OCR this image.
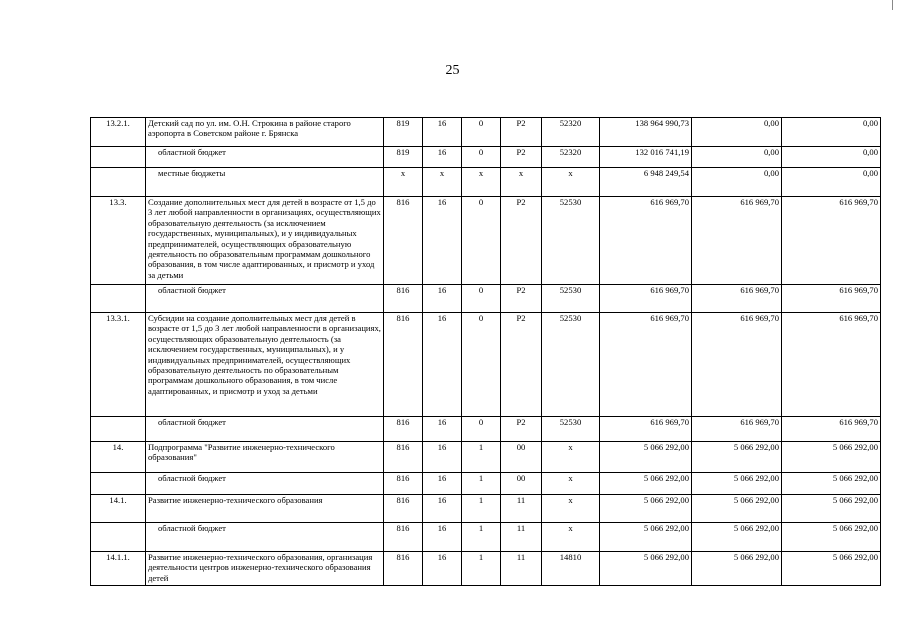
25
13.2.1.	Детский сад по ул. им. О.Н. Строкина в районе старого аэропорта в Советском районе г. Брянска	819	16	0	P2	52320	138 964 990,73	0,00	0,00
	областной бюджет	819	16	0	P2	52320	132 016 741,19	0,00	0,00
	местные бюджеты	x	x	x	x	x	6 948 249,54	0,00	0,00
13.3.	Создание дополнительных мест для детей в возрасте от 1,5 до 3 лет любой направленности в организациях, осуществляющих образовательную деятельность (за исключением государственных, муниципальных), и у индивидуальных предпринимателей, осуществляющих образовательную деятельность по образовательным программам дошкольного образования, в том числе адаптированных, и присмотр и уход за детьми	816	16	0	P2	52530	616 969,70	616 969,70	616 969,70
	областной бюджет	816	16	0	P2	52530	616 969,70	616 969,70	616 969,70
13.3.1.	Субсидии на создание дополнительных мест для детей в возрасте от 1,5 до 3 лет любой направленности в организациях, осуществляющих образовательную деятельность (за исключением государственных, муниципальных), и у индивидуальных предпринимателей, осуществляющих образовательную деятельность по образовательным программам дошкольного образования, в том числе адаптированных, и присмотр и уход за детьми	816	16	0	P2	52530	616 969,70	616 969,70	616 969,70
	областной бюджет	816	16	0	P2	52530	616 969,70	616 969,70	616 969,70
14.	Подпрограмма "Развитие инженерно-технического образования"	816	16	1	00	x	5 066 292,00	5 066 292,00	5 066 292,00
	областной бюджет	816	16	1	00	x	5 066 292,00	5 066 292,00	5 066 292,00
14.1.	Развитие инженерно-технического образования	816	16	1	11	x	5 066 292,00	5 066 292,00	5 066 292,00
	областной бюджет	816	16	1	11	x	5 066 292,00	5 066 292,00	5 066 292,00
14.1.1.	Развитие инженерно-технического образования, организация деятельности центров инженерно-технического образования детей	816	16	1	11	14810	5 066 292,00	5 066 292,00	5 066 292,00
